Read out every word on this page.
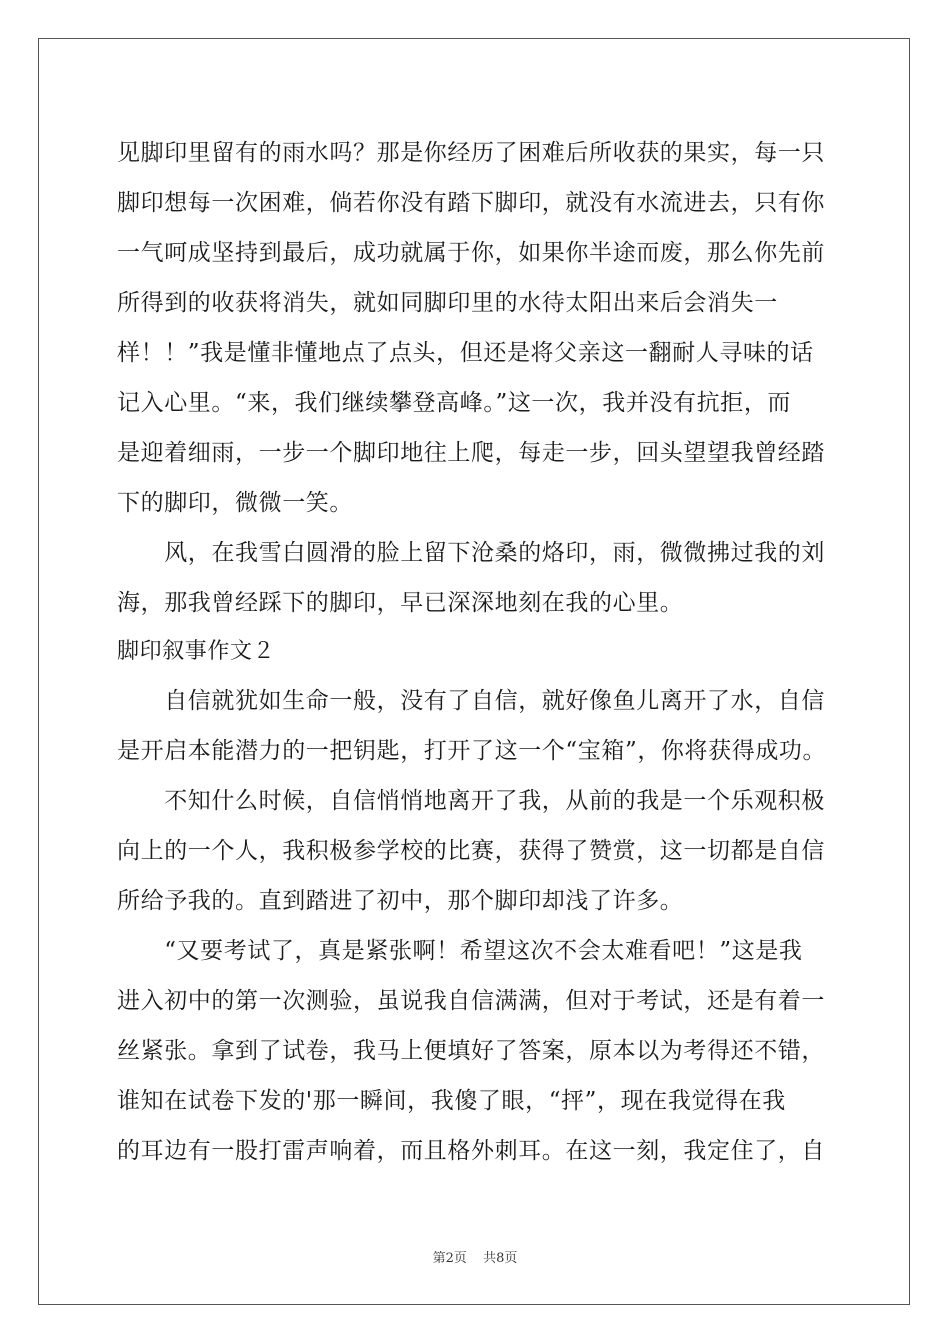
见脚印里留有的雨水吗？那是你经历了困难后所收获的果实，每一只
脚印想每一次困难，倘若你没有踏下脚印，就没有水流进去，只有你
一气呵成坚持到最后，成功就属于你，如果你半途而废，那么你先前
所得到的收获将消失，就如同脚印里的水待太阳出来后会消失一
样！！”我是懂非懂地点了点头，但还是将父亲这一翻耐人寻味的话
记入心里。“来，我们继续攀登高峰。”这一次，我并没有抗拒，而
是迎着细雨，一步一个脚印地往上爬，每走一步，回头望望我曾经踏
下的脚印，微微一笑。
　　风，在我雪白圆滑的脸上留下沧桑的烙印，雨，微微拂过我的刘
海，那我曾经踩下的脚印，早已深深地刻在我的心里。
脚印叙事作文２
　　自信就犹如生命一般，没有了自信，就好像鱼儿离开了水，自信
是开启本能潜力的一把钥匙，打开了这一个“宝箱”，你将获得成功。
　　不知什么时候，自信悄悄地离开了我，从前的我是一个乐观积极
向上的一个人，我积极参学校的比赛，获得了赞赏，这一切都是自信
所给予我的。直到踏进了初中，那个脚印却浅了许多。
　　“又要考试了，真是紧张啊！希望这次不会太难看吧！”这是我
进入初中的第一次测验，虽说我自信满满，但对于考试，还是有着一
丝紧张。拿到了试卷，我马上便填好了答案，原本以为考得还不错，
谁知在试卷下发的'那一瞬间，我傻了眼，“抨”，现在我觉得在我
的耳边有一股打雷声响着，而且格外刺耳。在这一刻，我定住了，自
第2页 共8页
